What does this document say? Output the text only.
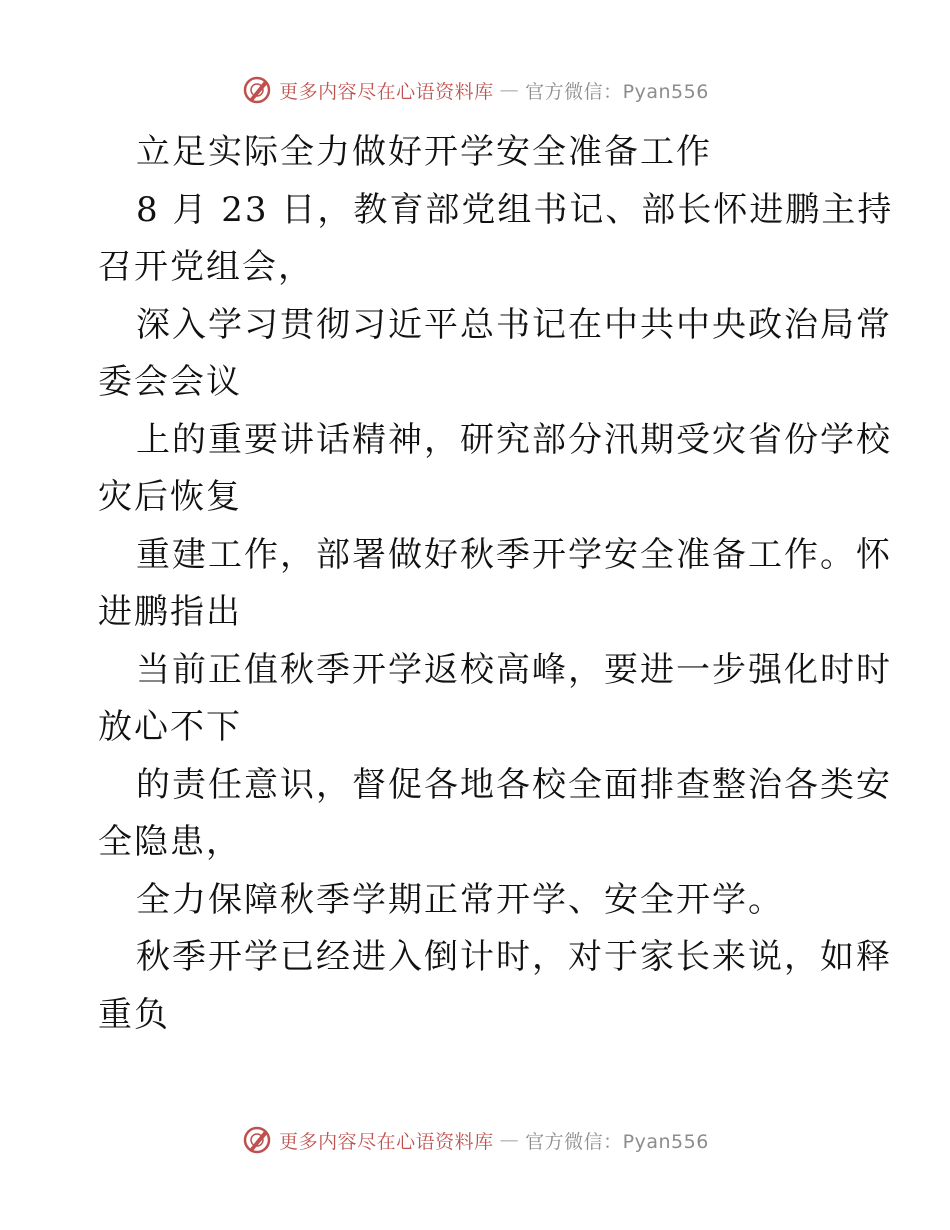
更多内容尽在心语资料库 — 官方微信：Pyan556
立足实际全力做好开学安全准备工作
8 月 23 日，教育部党组书记、部长怀进鹏主持
召开党组会，
深入学习贯彻习近平总书记在中共中央政治局常
委会会议
上的重要讲话精神，研究部分汛期受灾省份学校
灾后恢复
重建工作，部署做好秋季开学安全准备工作。怀
进鹏指出
当前正值秋季开学返校高峰，要进一步强化时时
放心不下
的责任意识，督促各地各校全面排查整治各类安
全隐患，
全力保障秋季学期正常开学、安全开学。
秋季开学已经进入倒计时，对于家长来说，如释
重负
更多内容尽在心语资料库 — 官方微信：Pyan556
